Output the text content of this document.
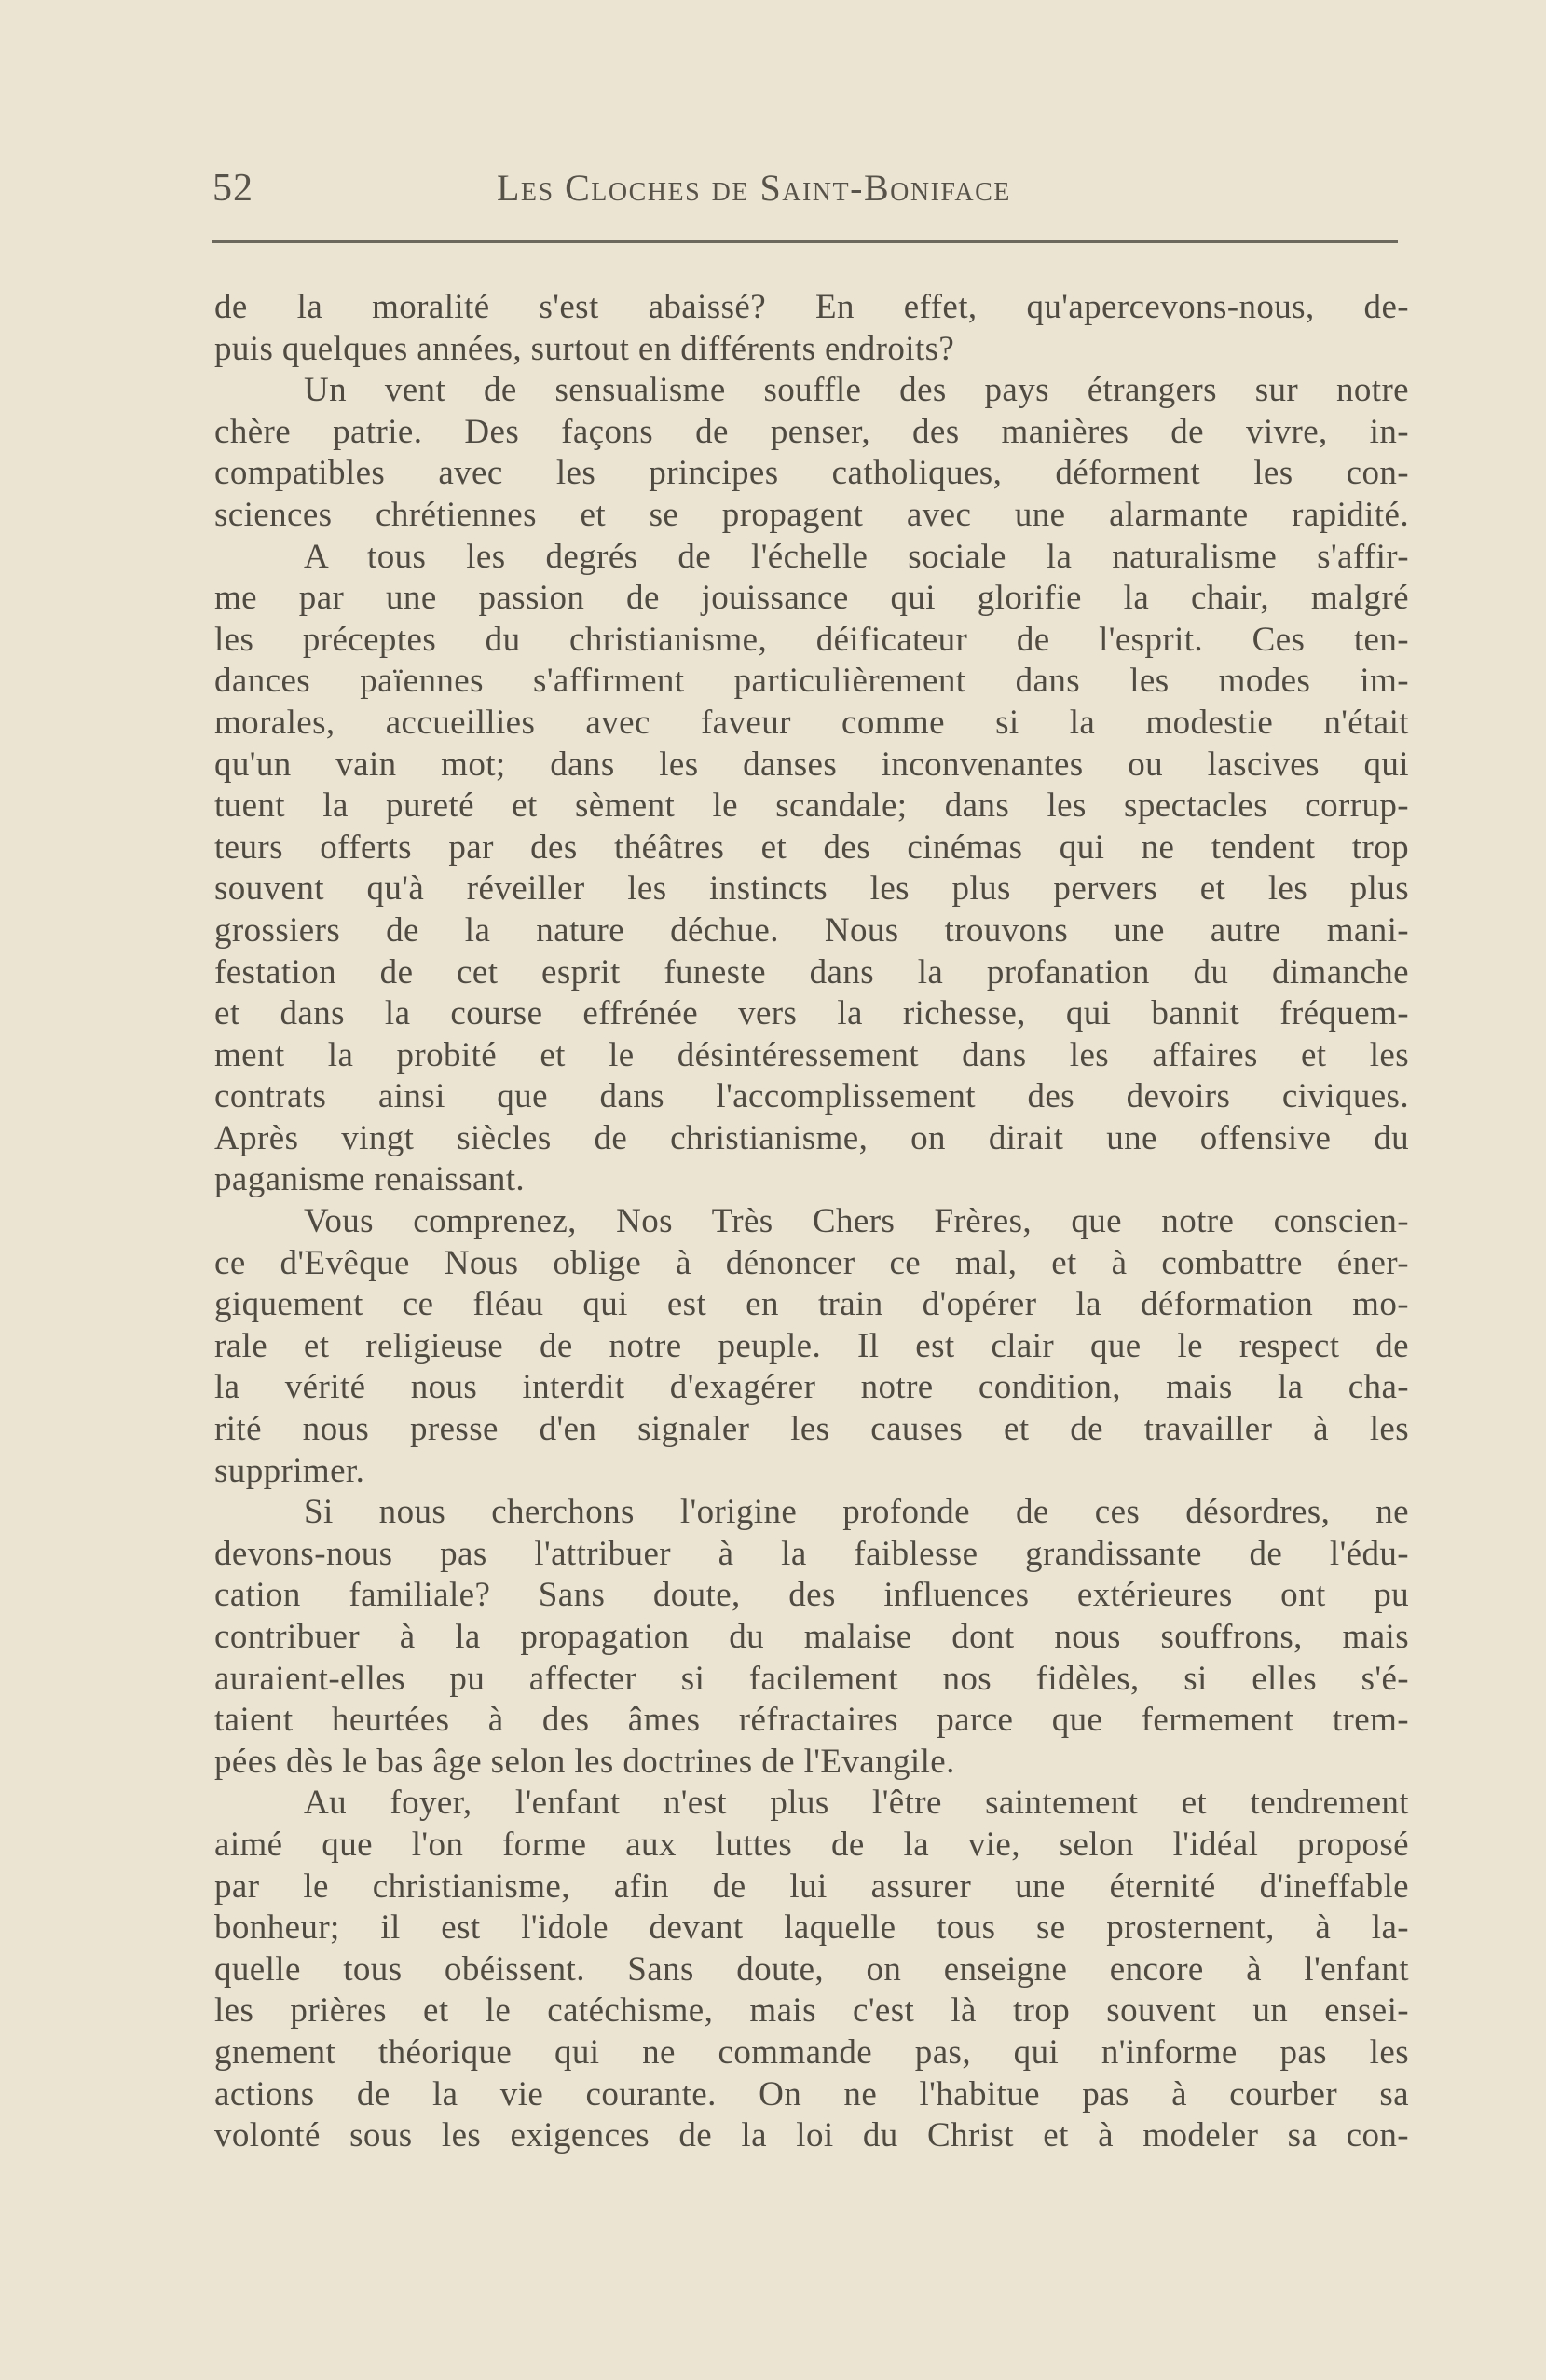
52	Les Cloches de Saint-Boniface
de la moralité s'est abaissé? En effet, qu'apercevons-nous, de-
puis quelques années, surtout en différents endroits?
Un vent de sensualisme souffle des pays étrangers sur notre
chère patrie. Des façons de penser, des manières de vivre, in-
compatibles avec les principes catholiques, déforment les con-
sciences chrétiennes et se propagent avec une alarmante rapidité.
A tous les degrés de l'échelle sociale la naturalisme s'affir-
me par une passion de jouissance qui glorifie la chair, malgré
les préceptes du christianisme, déificateur de l'esprit. Ces ten-
dances païennes s'affirment particulièrement dans les modes im-
morales, accueillies avec faveur comme si la modestie n'était
qu'un vain mot; dans les danses inconvenantes ou lascives qui
tuent la pureté et sèment le scandale; dans les spectacles corrup-
teurs offerts par des théâtres et des cinémas qui ne tendent trop
souvent qu'à réveiller les instincts les plus pervers et les plus
grossiers de la nature déchue. Nous trouvons une autre mani-
festation de cet esprit funeste dans la profanation du dimanche
et dans la course effrénée vers la richesse, qui bannit fréquem-
ment la probité et le désintéressement dans les affaires et les
contrats ainsi que dans l'accomplissement des devoirs civiques.
Après vingt siècles de christianisme, on dirait une offensive du
paganisme renaissant.
Vous comprenez, Nos Très Chers Frères, que notre conscien-
ce d'Evêque Nous oblige à dénoncer ce mal, et à combattre éner-
giquement ce fléau qui est en train d'opérer la déformation mo-
rale et religieuse de notre peuple. Il est clair que le respect de
la vérité nous interdit d'exagérer notre condition, mais la cha-
rité nous presse d'en signaler les causes et de travailler à les
supprimer.
Si nous cherchons l'origine profonde de ces désordres, ne
devons-nous pas l'attribuer à la faiblesse grandissante de l'édu-
cation familiale? Sans doute, des influences extérieures ont pu
contribuer à la propagation du malaise dont nous souffrons, mais
auraient-elles pu affecter si facilement nos fidèles, si elles s'é-
taient heurtées à des âmes réfractaires parce que fermement trem-
pées dès le bas âge selon les doctrines de l'Evangile.
Au foyer, l'enfant n'est plus l'être saintement et tendrement
aimé que l'on forme aux luttes de la vie, selon l'idéal proposé
par le christianisme, afin de lui assurer une éternité d'ineffable
bonheur; il est l'idole devant laquelle tous se prosternent, à la-
quelle tous obéissent. Sans doute, on enseigne encore à l'enfant
les prières et le catéchisme, mais c'est là trop souvent un ensei-
gnement théorique qui ne commande pas, qui n'informe pas les
actions de la vie courante. On ne l'habitue pas à courber sa
volonté sous les exigences de la loi du Christ et à modeler sa con-
